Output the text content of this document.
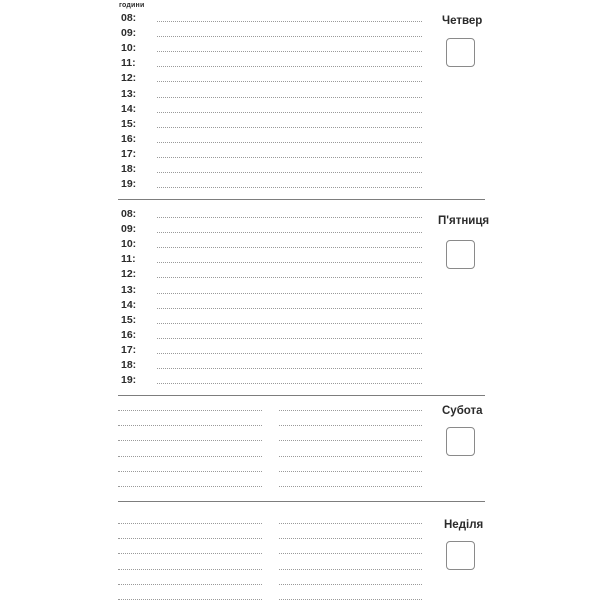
години
Четвер
П'ятниця
Субота
Неділя
08:
09:
10:
11:
12:
13:
14:
15:
16:
17:
18:
19:
08:
09:
10:
11:
12:
13:
14:
15:
16:
17:
18:
19:
